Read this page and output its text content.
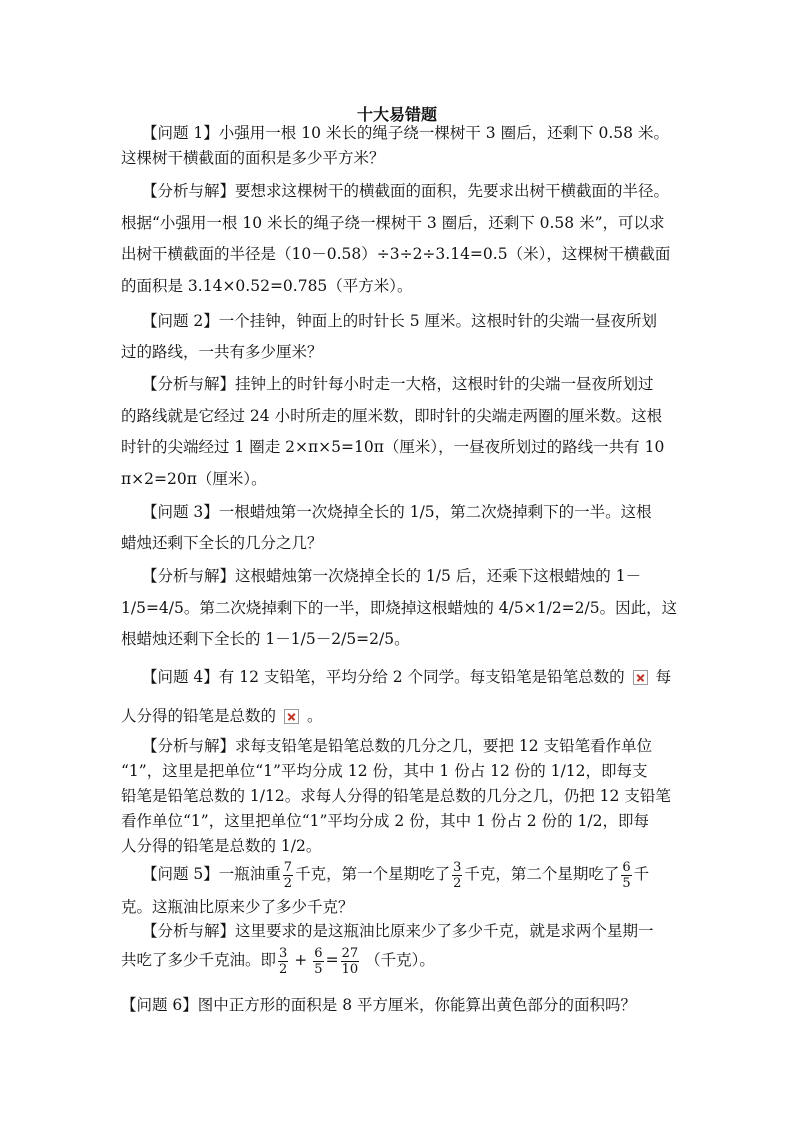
十大易错题
【问题 1】小强用一根 10 米长的绳子绕一棵树干 3 圈后，还剩下 0.58 米。
这棵树干横截面的面积是多少平方米？
【分析与解】要想求这棵树干的横截面的面积，先要求出树干横截面的半径。
根据“小强用一根 10 米长的绳子绕一棵树干 3 圈后，还剩下 0.58 米”，可以求
出树干横截面的半径是（10－0.58）÷3÷2÷3.14=0.5（米），这棵树干横截面
的面积是 3.14×0.52=0.785（平方米）。
【问题 2】一个挂钟，钟面上的时针长 5 厘米。这根时针的尖端一昼夜所划
过的路线，一共有多少厘米？
【分析与解】挂钟上的时针每小时走一大格，这根时针的尖端一昼夜所划过
的路线就是它经过 24 小时所走的厘米数，即时针的尖端走两圈的厘米数。这根
时针的尖端经过 1 圈走 2×π×5=10π（厘米），一昼夜所划过的路线一共有 10
π×2=20π（厘米）。
【问题 3】一根蜡烛第一次烧掉全长的 1/5，第二次烧掉剩下的一半。这根
蜡烛还剩下全长的几分之几？
【分析与解】这根蜡烛第一次烧掉全长的 1/5 后，还乘下这根蜡烛的 1－
1/5=4/5。第二次烧掉剩下的一半，即烧掉这根蜡烛的 4/5×1/2=2/5。因此，这
根蜡烛还剩下全长的 1－1/5－2/5=2/5。
【问题 4】有 12 支铅笔，平均分给 2 个同学。每支铅笔是铅笔总数的 每
人分得的铅笔是总数的 。
【分析与解】求每支铅笔是铅笔总数的几分之几，要把 12 支铅笔看作单位
“1”，这里是把单位“1”平均分成 12 份，其中 1 份占 12 份的 1/12，即每支
铅笔是铅笔总数的 1/12。求每人分得的铅笔是总数的几分之几，仍把 12 支铅笔
看作单位“1”，这里把单位“1”平均分成 2 份，其中 1 份占 2 份的 1/2，即每
人分得的铅笔是总数的 1/2。
【问题 5】一瓶油重 $\frac{7}{2}$ 千克，第一个星期吃了 $\frac{3}{2}$ 千克，第二个星期吃了 $\frac{6}{5}$ 千
克。这瓶油比原来少了多少千克？
【分析与解】这里要求的是这瓶油比原来少了多少千克，就是求两个星期一
共吃了多少千克油。即 $\frac{3}{2} + \frac{6}{5} = \frac{27}{10}$ （千克）。
【问题 6】图中正方形的面积是 8 平方厘米，你能算出黄色部分的面积吗？
